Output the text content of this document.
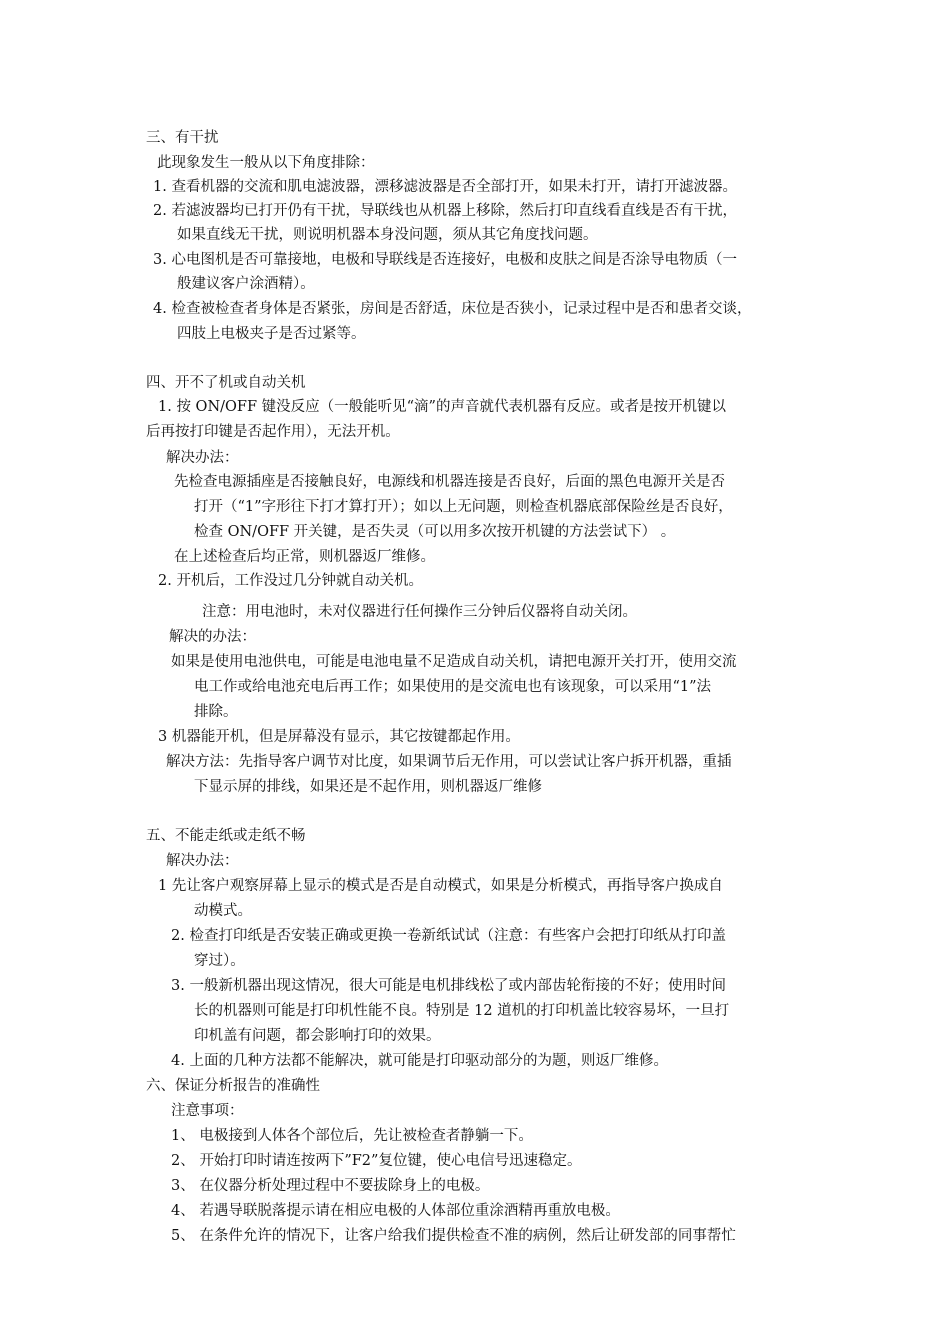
三、有干扰
此现象发生一般从以下角度排除：
1. 查看机器的交流和肌电滤波器，漂移滤波器是否全部打开，如果未打开，请打开滤波器。
2. 若滤波器均已打开仍有干扰，导联线也从机器上移除，然后打印直线看直线是否有干扰，
如果直线无干扰，则说明机器本身没问题，须从其它角度找问题。
3. 心电图机是否可靠接地，电极和导联线是否连接好，电极和皮肤之间是否涂导电物质（一
般建议客户涂酒精）。
4. 检查被检查者身体是否紧张，房间是否舒适，床位是否狭小，记录过程中是否和患者交谈，
四肢上电极夹子是否过紧等。
四、开不了机或自动关机
1. 按 ON/OFF 键没反应（一般能听见“滴”的声音就代表机器有反应。或者是按开机键以
后再按打印键是否起作用），无法开机。
解决办法：
先检查电源插座是否接触良好，电源线和机器连接是否良好，后面的黑色电源开关是否
打开（“1”字形往下打才算打开）；如以上无问题，则检查机器底部保险丝是否良好，
检查 ON/OFF 开关键，是否失灵（可以用多次按开机键的方法尝试下） 。
在上述检查后均正常，则机器返厂维修。
2. 开机后，工作没过几分钟就自动关机。
注意：用电池时，未对仪器进行任何操作三分钟后仪器将自动关闭。
解决的办法：
如果是使用电池供电，可能是电池电量不足造成自动关机，请把电源开关打开，使用交流
电工作或给电池充电后再工作；如果使用的是交流电也有该现象，可以采用“1”法
排除。
3 机器能开机，但是屏幕没有显示，其它按键都起作用。
解决方法：先指导客户调节对比度，如果调节后无作用，可以尝试让客户拆开机器，重插
下显示屏的排线，如果还是不起作用，则机器返厂维修
五、不能走纸或走纸不畅
解决办法：
1 先让客户观察屏幕上显示的模式是否是自动模式，如果是分析模式，再指导客户换成自
动模式。
2. 检查打印纸是否安装正确或更换一卷新纸试试（注意：有些客户会把打印纸从打印盖
穿过）。
3. 一般新机器出现这情况，很大可能是电机排线松了或内部齿轮衔接的不好；使用时间
长的机器则可能是打印机性能不良。特别是 12 道机的打印机盖比较容易坏，一旦打
印机盖有问题，都会影响打印的效果。
4. 上面的几种方法都不能解决，就可能是打印驱动部分的为题，则返厂维修。
六、保证分析报告的准确性
注意事项：
1、 电极接到人体各个部位后，先让被检查者静躺一下。
2、 开始打印时请连按两下”F2”复位键，使心电信号迅速稳定。
3、 在仪器分析处理过程中不要拔除身上的电极。
4、 若遇导联脱落提示请在相应电极的人体部位重涂酒精再重放电极。
5、 在条件允许的情况下，让客户给我们提供检查不准的病例，然后让研发部的同事帮忙
